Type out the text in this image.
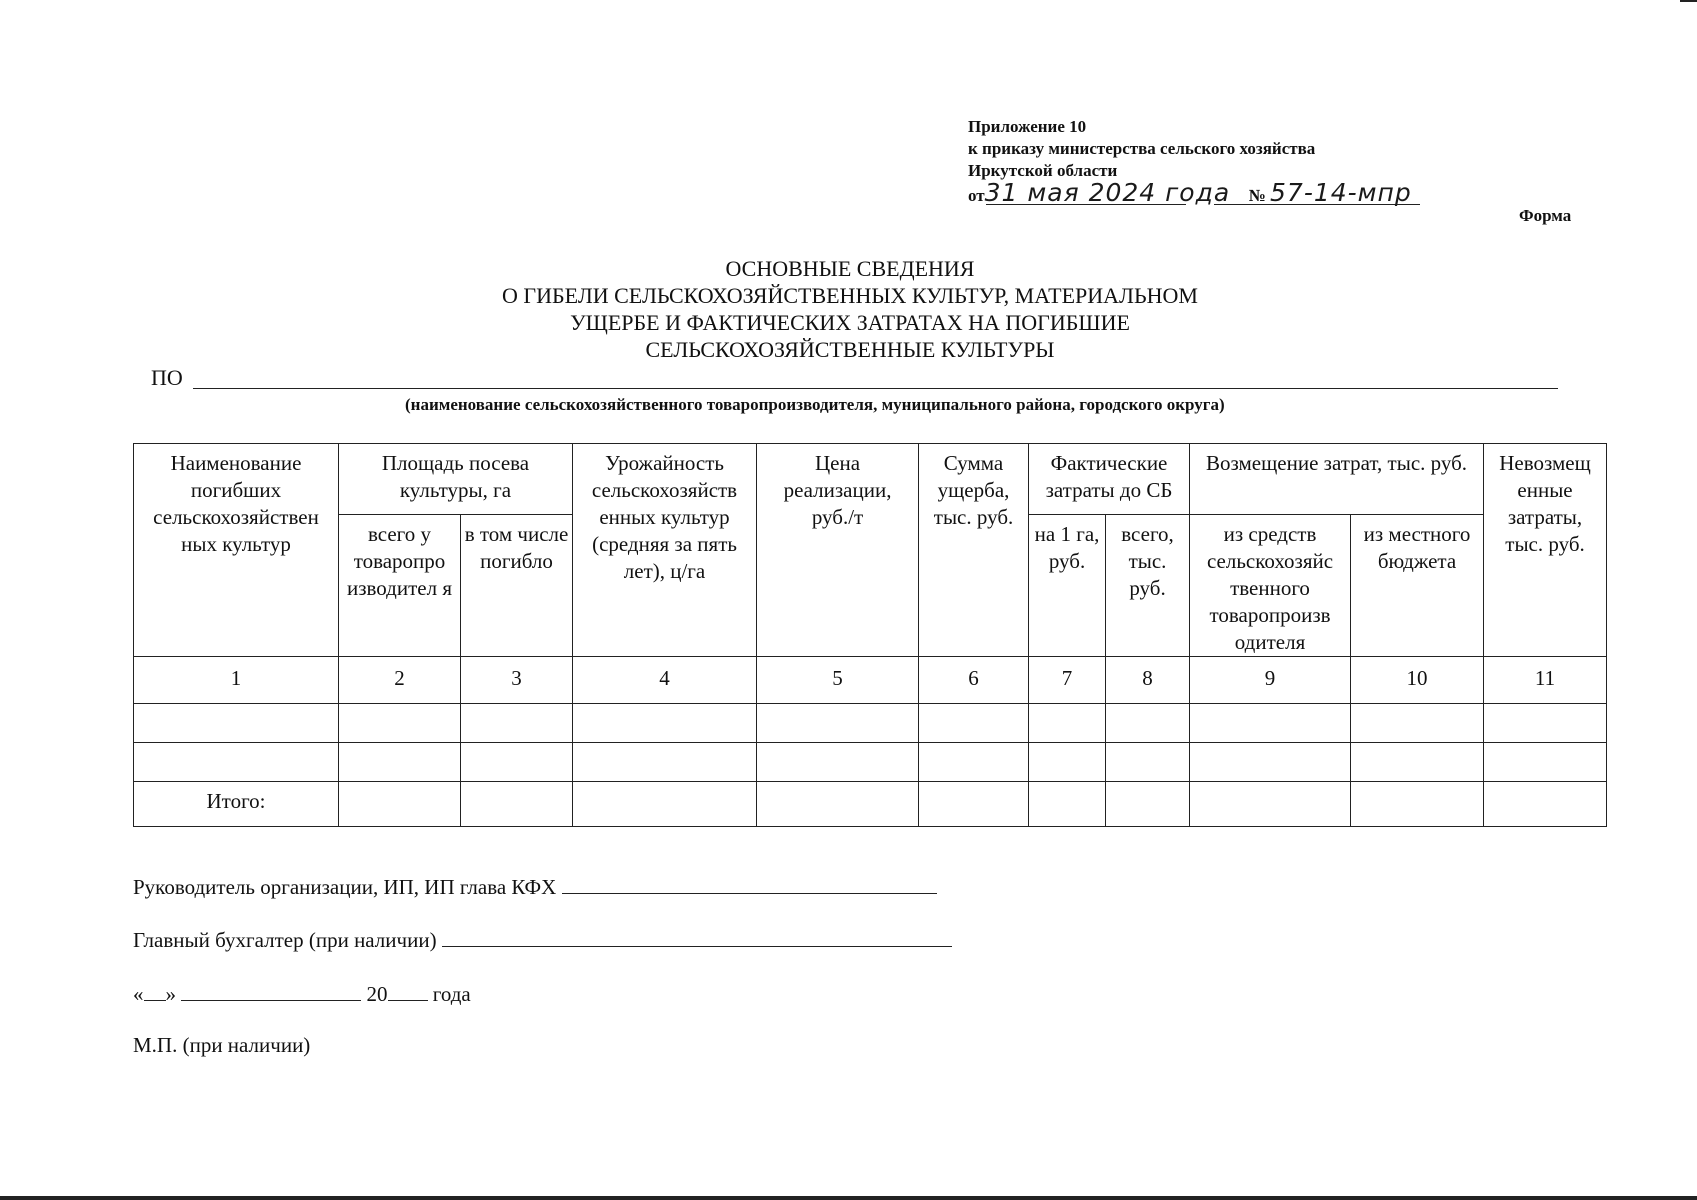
Приложение 10
к приказу министерства сельского хозяйства
Иркутской области
от31 мая 2024 года № 57-14-мпр
Форма
ОСНОВНЫЕ СВЕДЕНИЯ
О ГИБЕЛИ СЕЛЬСКОХОЗЯЙСТВЕННЫХ КУЛЬТУР, МАТЕРИАЛЬНОМ
УЩЕРБЕ И ФАКТИЧЕСКИХ ЗАТРАТАХ НА ПОГИБШИЕ
СЕЛЬСКОХОЗЯЙСТВЕННЫЕ КУЛЬТУРЫ
ПО
(наименование сельскохозяйственного товаропроизводителя, муниципального района, городского округа)
Наименование погибших сельскохозяйствен ных культур	Площадь посева культуры, га		Урожайность сельскохозяйств енных культур (средняя за пять лет), ц/га	Цена реализации, руб./т	Сумма ущерба, тыс. руб.	Фактические затраты до СБ		Возмещение затрат, тыс. руб.		Невозмещ енные затраты, тыс. руб.
	всего у товаропро изводител я	в том числе погибло				на 1 га, руб.	всего, тыс. руб.	из средств сельскохозяйс твенного товаропроизв одителя	из местного бюджета	
1	2	3	4	5	6	7	8	9	10	11

Итого:										
Руководитель организации, ИП, ИП глава КФХ
Главный бухгалтер (при наличии)
« »	20 года
М.П. (при наличии)
